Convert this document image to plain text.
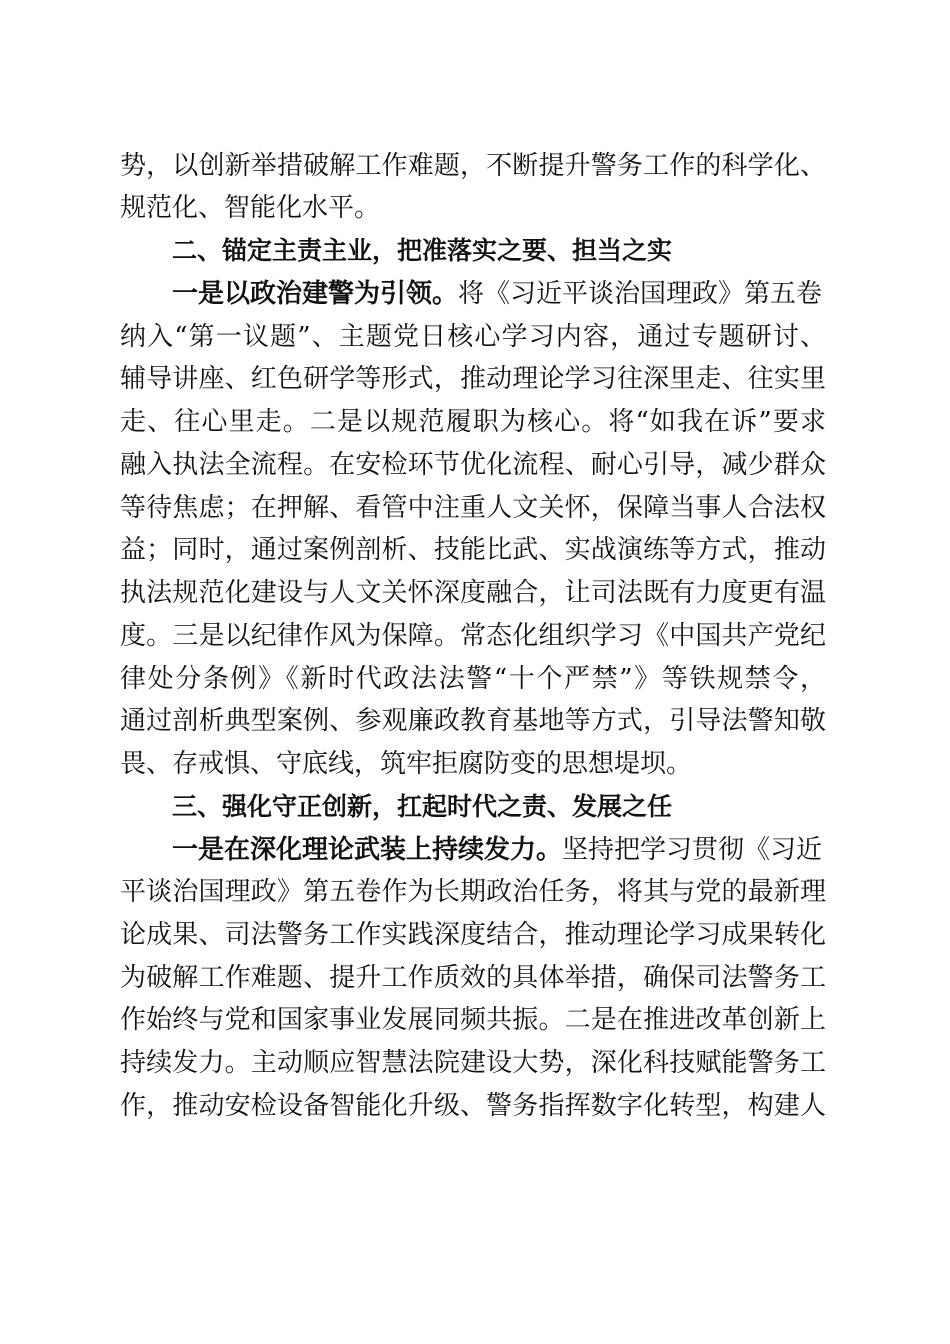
势，以创新举措破解工作难题，不断提升警务工作的科学化、
规范化、智能化水平。
二、锚定主责主业，把准落实之要、担当之实
一是以政治建警为引领。将《习近平谈治国理政》第五卷
纳入“第一议题”、主题党日核心学习内容，通过专题研讨、
辅导讲座、红色研学等形式，推动理论学习往深里走、往实里
走、往心里走。二是以规范履职为核心。将“如我在诉”要求
融入执法全流程。在安检环节优化流程、耐心引导，减少群众
等待焦虑；在押解、看管中注重人文关怀，保障当事人合法权
益；同时，通过案例剖析、技能比武、实战演练等方式，推动
执法规范化建设与人文关怀深度融合，让司法既有力度更有温
度。三是以纪律作风为保障。常态化组织学习《中国共产党纪
律处分条例》《新时代政法法警“十个严禁”》等铁规禁令，
通过剖析典型案例、参观廉政教育基地等方式，引导法警知敬
畏、存戒惧、守底线，筑牢拒腐防变的思想堤坝。
三、强化守正创新，扛起时代之责、发展之任
一是在深化理论武装上持续发力。坚持把学习贯彻《习近
平谈治国理政》第五卷作为长期政治任务，将其与党的最新理
论成果、司法警务工作实践深度结合，推动理论学习成果转化
为破解工作难题、提升工作质效的具体举措，确保司法警务工
作始终与党和国家事业发展同频共振。二是在推进改革创新上
持续发力。主动顺应智慧法院建设大势，深化科技赋能警务工
作，推动安检设备智能化升级、警务指挥数字化转型，构建人
